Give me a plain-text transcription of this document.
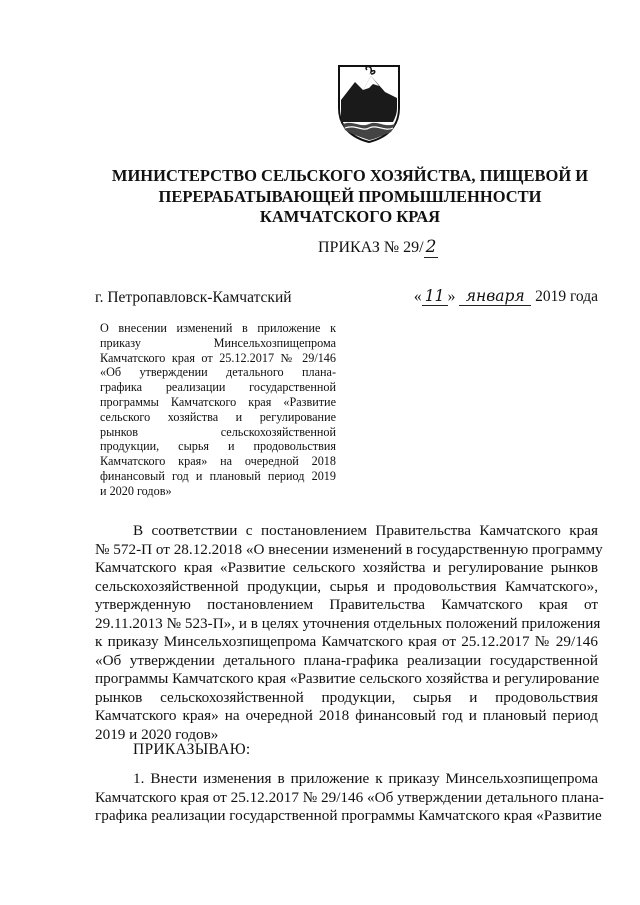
МИНИСТЕРСТВО СЕЛЬСКОГО ХОЗЯЙСТВА, ПИЩЕВОЙ И
ПЕРЕРАБАТЫВАЮЩЕЙ ПРОМЫШЛЕННОСТИ
КАМЧАТСКОГО КРАЯ
ПРИКАЗ № 29/ 2
г. Петропавловск-Камчатский	« 11 » января 2019 года
О внесении изменений в приложение к
приказу Минсельхозпищепрома
Камчатского края от 25.12.2017 № 29/146
«Об утверждении детального плана-
графика реализации государственной
программы Камчатского края «Развитие
сельского хозяйства и регулирование
рынков сельскохозяйственной
продукции, сырья и продовольствия
Камчатского края» на очередной 2018
финансовый год и плановый период 2019
и 2020 годов»
В соответствии с постановлением Правительства Камчатского края
№ 572-П от 28.12.2018 «О внесении изменений в государственную программу
Камчатского края «Развитие сельского хозяйства и регулирование рынков
сельскохозяйственной продукции, сырья и продовольствия Камчатского»,
утвержденную постановлением Правительства Камчатского края от
29.11.2013 № 523-П», и в целях уточнения отдельных положений приложения
к приказу Минсельхозпищепрома Камчатского края от 25.12.2017 № 29/146
«Об утверждении детального плана-графика реализации государственной
программы Камчатского края «Развитие сельского хозяйства и регулирование
рынков сельскохозяйственной продукции, сырья и продовольствия
Камчатского края» на очередной 2018 финансовый год и плановый период
2019 и 2020 годов»
ПРИКАЗЫВАЮ:
1. Внести изменения в приложение к приказу Минсельхозпищепрома
Камчатского края от 25.12.2017 № 29/146 «Об утверждении детального плана-
графика реализации государственной программы Камчатского края «Развитие
